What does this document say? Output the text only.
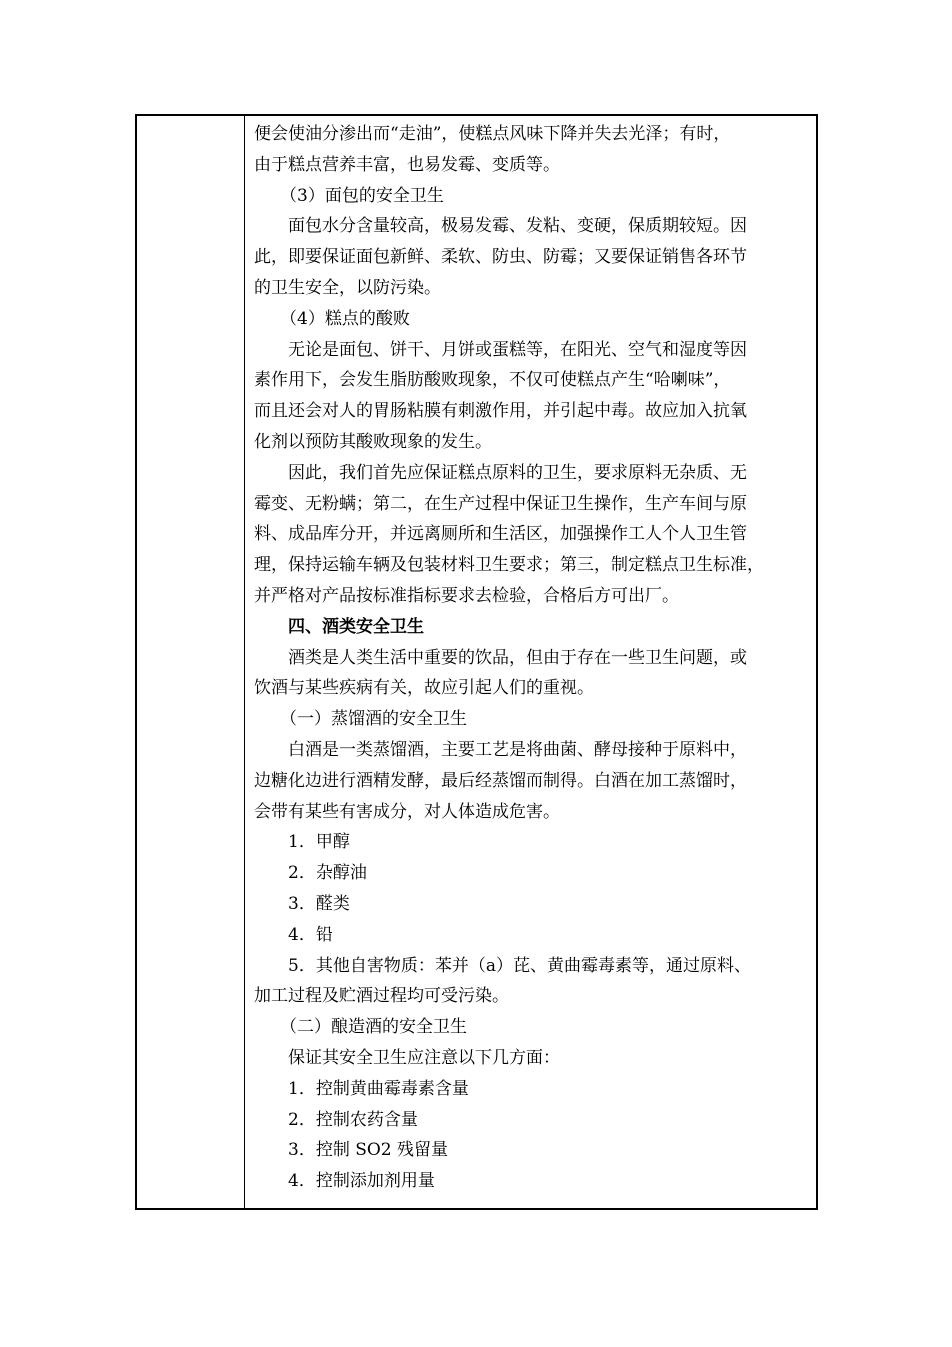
便会使油分渗出而“走油”，使糕点风味下降并失去光泽；有时，
由于糕点营养丰富，也易发霉、变质等。
（3）面包的安全卫生
面包水分含量较高，极易发霉、发粘、变硬，保质期较短。因
此，即要保证面包新鲜、柔软、防虫、防霉；又要保证销售各环节
的卫生安全，以防污染。
（4）糕点的酸败
无论是面包、饼干、月饼或蛋糕等，在阳光、空气和湿度等因
素作用下，会发生脂肪酸败现象，不仅可使糕点产生“哈喇味”，
而且还会对人的胃肠粘膜有刺激作用，并引起中毒。故应加入抗氧
化剂以预防其酸败现象的发生。
因此，我们首先应保证糕点原料的卫生，要求原料无杂质、无
霉变、无粉螨；第二，在生产过程中保证卫生操作，生产车间与原
料、成品库分开，并远离厕所和生活区，加强操作工人个人卫生管
理，保持运输车辆及包装材料卫生要求；第三，制定糕点卫生标准，
并严格对产品按标准指标要求去检验，合格后方可出厂。
四、酒类安全卫生
酒类是人类生活中重要的饮品，但由于存在一些卫生问题，或
饮酒与某些疾病有关，故应引起人们的重视。
（一）蒸馏酒的安全卫生
白酒是一类蒸馏酒，主要工艺是将曲菌、酵母接种于原料中，
边糖化边进行酒精发酵，最后经蒸馏而制得。白酒在加工蒸馏时，
会带有某些有害成分，对人体造成危害。
1．甲醇
2．杂醇油
3．醛类
4．铅
5．其他自害物质：苯并（a）芘、黄曲霉毒素等，通过原料、
加工过程及贮酒过程均可受污染。
（二）酿造酒的安全卫生
保证其安全卫生应注意以下几方面：
1．控制黄曲霉毒素含量
2．控制农药含量
3．控制 SO2 残留量
4．控制添加剂用量
